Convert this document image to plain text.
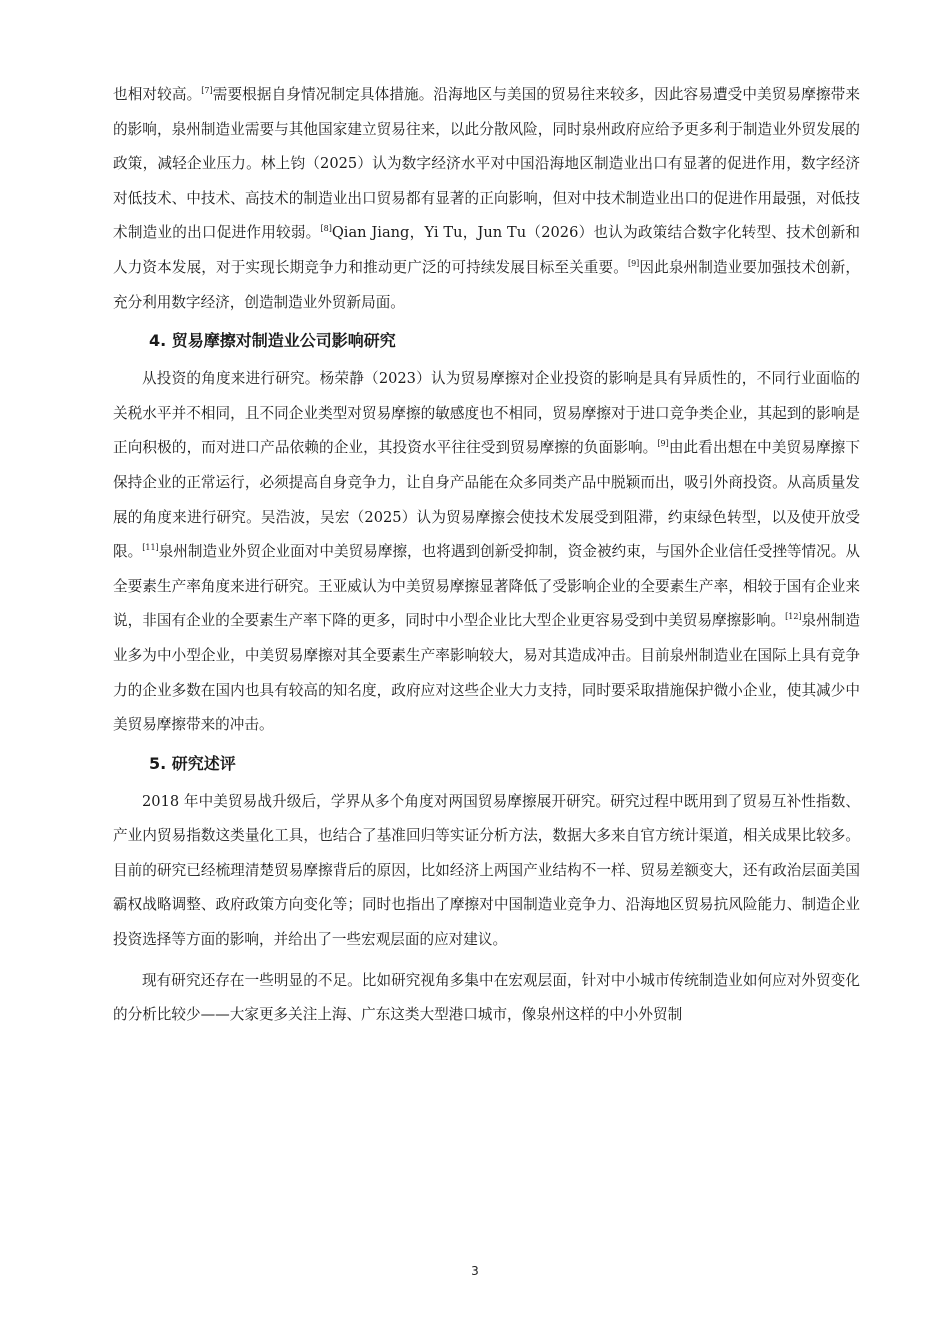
也相对较高。[7]需要根据自身情况制定具体措施。沿海地区与美国的贸易往来较多，因此容易遭受中美贸易摩擦带来的影响，泉州制造业需要与其他国家建立贸易往来，以此分散风险，同时泉州政府应给予更多利于制造业外贸发展的政策，减轻企业压力。林上钧（2025）认为数字经济水平对中国沿海地区制造业出口有显著的促进作用，数字经济对低技术、中技术、高技术的制造业出口贸易都有显著的正向影响，但对中技术制造业出口的促进作用最强，对低技术制造业的出口促进作用较弱。[8]Qian Jiang，Yi Tu，Jun Tu（2026）也认为政策结合数字化转型、技术创新和人力资本发展，对于实现长期竞争力和推动更广泛的可持续发展目标至关重要。[9]因此泉州制造业要加强技术创新，充分利用数字经济，创造制造业外贸新局面。

4. 贸易摩擦对制造业公司影响研究

从投资的角度来进行研究。杨荣静（2023）认为贸易摩擦对企业投资的影响是具有异质性的，不同行业面临的关税水平并不相同，且不同企业类型对贸易摩擦的敏感度也不相同，贸易摩擦对于进口竞争类企业，其起到的影响是正向积极的，而对进口产品依赖的企业，其投资水平往往受到贸易摩擦的负面影响。[9]由此看出想在中美贸易摩擦下保持企业的正常运行，必须提高自身竞争力，让自身产品能在众多同类产品中脱颖而出，吸引外商投资。从高质量发展的角度来进行研究。吴浩波，吴宏（2025）认为贸易摩擦会使技术发展受到阻滞，约束绿色转型，以及使开放受限。[11]泉州制造业外贸企业面对中美贸易摩擦，也将遇到创新受抑制，资金被约束，与国外企业信任受挫等情况。从全要素生产率角度来进行研究。王亚威认为中美贸易摩擦显著降低了受影响企业的全要素生产率，相较于国有企业来说，非国有企业的全要素生产率下降的更多，同时中小型企业比大型企业更容易受到中美贸易摩擦影响。[12]泉州制造业多为中小型企业，中美贸易摩擦对其全要素生产率影响较大，易对其造成冲击。目前泉州制造业在国际上具有竞争力的企业多数在国内也具有较高的知名度，政府应对这些企业大力支持，同时要采取措施保护微小企业，使其减少中美贸易摩擦带来的冲击。

5. 研究述评

2018 年中美贸易战升级后，学界从多个角度对两国贸易摩擦展开研究。研究过程中既用到了贸易互补性指数、产业内贸易指数这类量化工具，也结合了基准回归等实证分析方法，数据大多来自官方统计渠道，相关成果比较多。目前的研究已经梳理清楚贸易摩擦背后的原因，比如经济上两国产业结构不一样、贸易差额变大，还有政治层面美国霸权战略调整、政府政策方向变化等；同时也指出了摩擦对中国制造业竞争力、沿海地区贸易抗风险能力、制造企业投资选择等方面的影响，并给出了一些宏观层面的应对建议。

现有研究还存在一些明显的不足。比如研究视角多集中在宏观层面，针对中小城市传统制造业如何应对外贸变化的分析比较少——大家更多关注上海、广东这类大型港口城市，像泉州这样的中小外贸制

3
